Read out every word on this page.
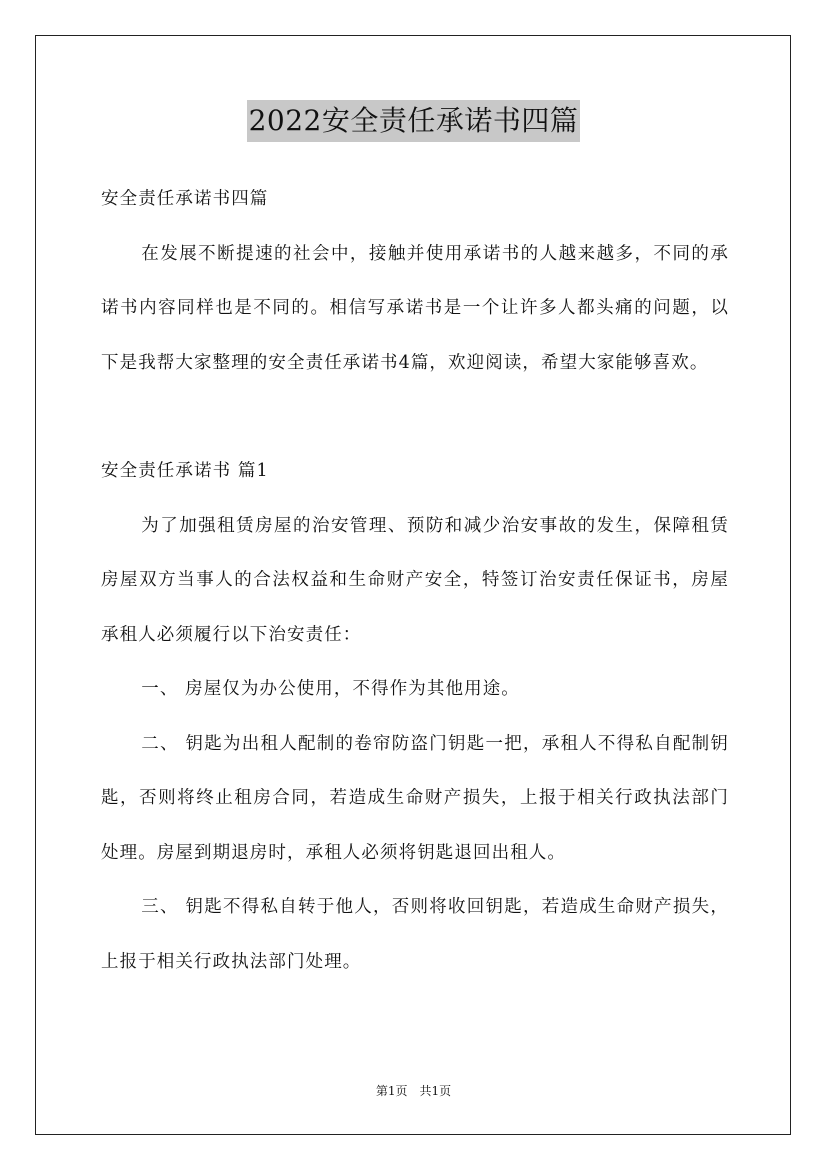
2022安全责任承诺书四篇

安全责任承诺书四篇

在发展不断提速的社会中，接触并使用承诺书的人越来越多，不同的承诺书内容同样也是不同的。相信写承诺书是一个让许多人都头痛的问题，以下是我帮大家整理的安全责任承诺书4篇，欢迎阅读，希望大家能够喜欢。

安全责任承诺书 篇1

为了加强租赁房屋的治安管理、预防和减少治安事故的发生，保障租赁房屋双方当事人的合法权益和生命财产安全，特签订治安责任保证书，房屋承租人必须履行以下治安责任：

一、 房屋仅为办公使用，不得作为其他用途。

二、 钥匙为出租人配制的卷帘防盗门钥匙一把，承租人不得私自配制钥匙，否则将终止租房合同，若造成生命财产损失，上报于相关行政执法部门处理。房屋到期退房时，承租人必须将钥匙退回出租人。

三、 钥匙不得私自转于他人，否则将收回钥匙，若造成生命财产损失，上报于相关行政执法部门处理。

第1页 共1页
